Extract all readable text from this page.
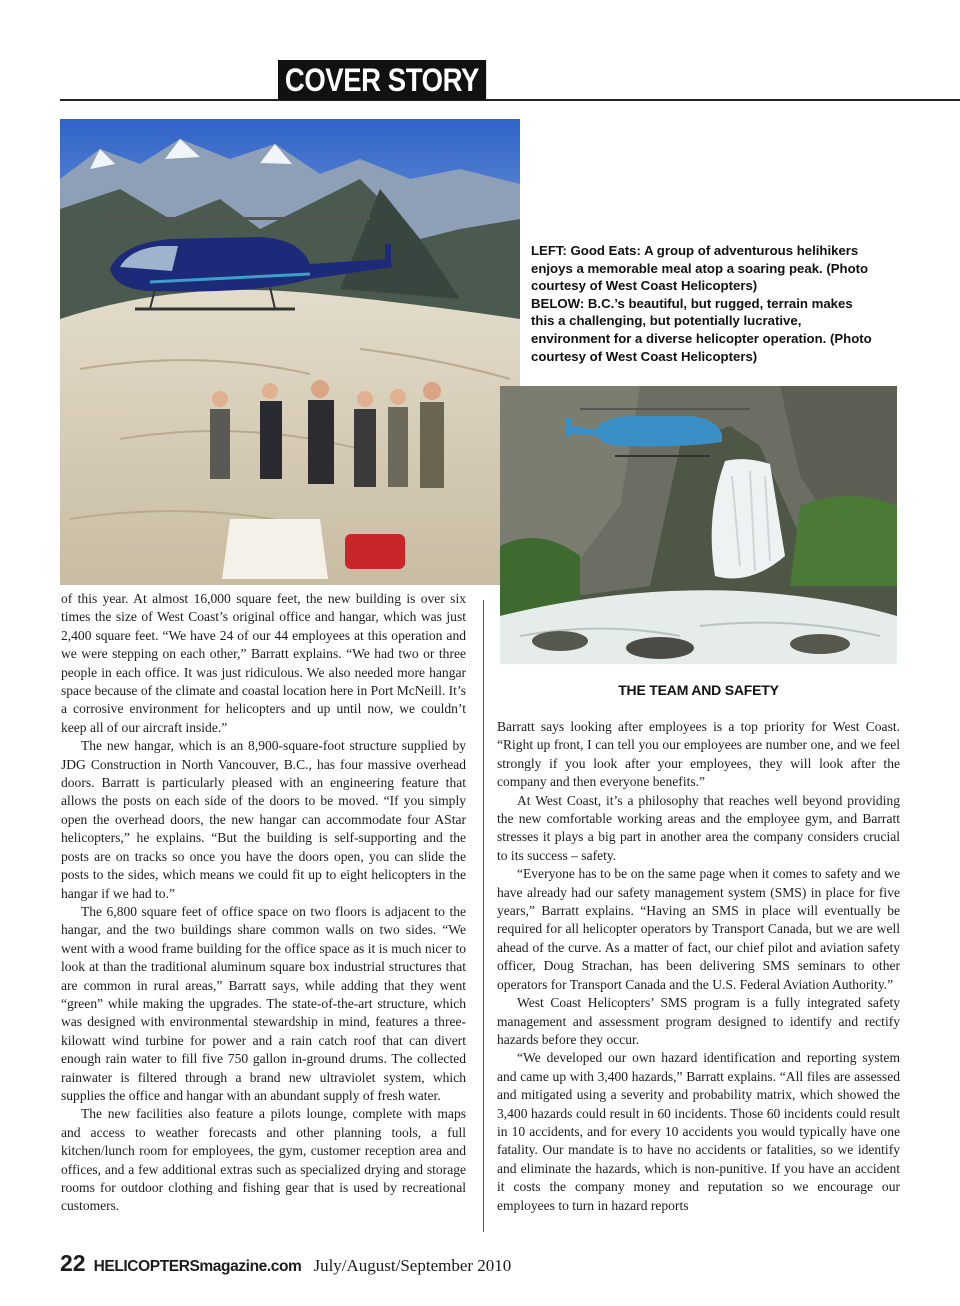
COVER STORY

LEFT: Good Eats: A group of adventurous helihikers enjoys a memorable meal atop a soaring peak. (Photo courtesy of West Coast Helicopters)

BELOW: B.C.’s beautiful, but rugged, terrain makes this a challenging, but potentially lucrative, environment for a diverse helicopter operation. (Photo courtesy of West Coast Helicopters)

of this year. At almost 16,000 square feet, the new building is over six times the size of West Coast’s original office and hangar, which was just 2,400 square feet. “We have 24 of our 44 employees at this operation and we were stepping on each other,” Barratt explains. “We had two or three people in each office. It was just ridiculous. We also needed more hangar space because of the climate and coastal location here in Port McNeill. It’s a corrosive environment for helicopters and up until now, we couldn’t keep all of our aircraft inside.”

The new hangar, which is an 8,900-square-foot structure supplied by JDG Construction in North Vancouver, B.C., has four massive overhead doors. Barratt is particularly pleased with an engineering feature that allows the posts on each side of the doors to be moved. “If you simply open the overhead doors, the new hangar can accommodate four AStar helicopters,” he explains. “But the building is self-supporting and the posts are on tracks so once you have the doors open, you can slide the posts to the sides, which means we could fit up to eight helicopters in the hangar if we had to.”

The 6,800 square feet of office space on two floors is adjacent to the hangar, and the two buildings share common walls on two sides. “We went with a wood frame building for the office space as it is much nicer to look at than the traditional aluminum square box industrial structures that are common in rural areas,” Barratt says, while adding that they went “green” while making the upgrades. The state-of-the-art structure, which was designed with environmental stewardship in mind, features a three-kilowatt wind turbine for power and a rain catch roof that can divert enough rain water to fill five 750 gallon in-ground drums. The collected rainwater is filtered through a brand new ultraviolet system, which supplies the office and hangar with an abundant supply of fresh water.

The new facilities also feature a pilots lounge, complete with maps and access to weather forecasts and other planning tools, a full kitchen/lunch room for employees, the gym, customer reception area and offices, and a few additional extras such as specialized drying and storage rooms for outdoor clothing and fishing gear that is used by recreational customers.

THE TEAM AND SAFETY

Barratt says looking after employees is a top priority for West Coast. “Right up front, I can tell you our employees are number one, and we feel strongly if you look after your employees, they will look after the company and then everyone benefits.”

At West Coast, it’s a philosophy that reaches well beyond providing the new comfortable working areas and the employee gym, and Barratt stresses it plays a big part in another area the company considers crucial to its success – safety.

“Everyone has to be on the same page when it comes to safety and we have already had our safety management system (SMS) in place for five years,” Barratt explains. “Having an SMS in place will eventually be required for all helicopter operators by Transport Canada, but we are well ahead of the curve. As a matter of fact, our chief pilot and aviation safety officer, Doug Strachan, has been delivering SMS seminars to other operators for Transport Canada and the U.S. Federal Aviation Authority.”

West Coast Helicopters’ SMS program is a fully integrated safety management and assessment program designed to identify and rectify hazards before they occur.

“We developed our own hazard identification and reporting system and came up with 3,400 hazards,” Barratt explains. “All files are assessed and mitigated using a severity and probability matrix, which showed the 3,400 hazards could result in 60 incidents. Those 60 incidents could result in 10 accidents, and for every 10 accidents you would typically have one fatality. Our mandate is to have no accidents or fatalities, so we identify and eliminate the hazards, which is non-punitive. If you have an accident it costs the company money and reputation so we encourage our employees to turn in hazard reports

22 HELICOPTERSmagazine.com July/August/September 2010
